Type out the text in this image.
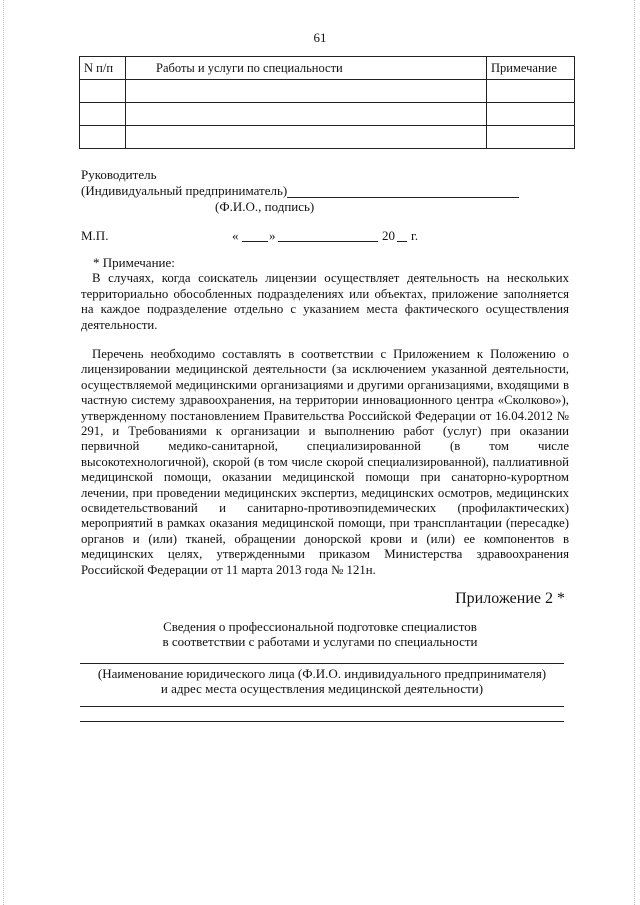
61
N п/п	Работы и услуги по специальности	Примечание

Руководитель
(Индивидуальный предприниматель)
(Ф.И.О., подпись)
М.П.	« »	20 г.
* Примечание:

В случаях, когда соискатель лицензии осуществляет деятельность на нескольких территориально обособленных подразделениях или объектах, приложение заполняется на каждое подразделение отдельно с указанием места фактического осуществления деятельности.

Перечень необходимо составлять в соответствии с Приложением к Положению о лицензировании медицинской деятельности (за исключением указанной деятельности, осуществляемой медицинскими организациями и другими организациями, входящими в частную систему здравоохранения, на территории инновационного центра «Сколково»), утвержденному постановлением Правительства Российской Федерации от 16.04.2012 № 291, и Требованиями к организации и выполнению работ (услуг) при оказании первичной медико-санитарной, специализированной (в том числе высокотехнологичной), скорой (в том числе скорой специализированной), паллиативной медицинской помощи, оказании медицинской помощи при санаторно-курортном лечении, при проведении медицинских экспертиз, медицинских осмотров, медицинских освидетельствований и санитарно-противоэпидемических (профилактических) мероприятий в рамках оказания медицинской помощи, при трансплантации (пересадке) органов и (или) тканей, обращении донорской крови и (или) ее компонентов в медицинских целях, утвержденными приказом Министерства здравоохранения Российской Федерации от 11 марта 2013 года № 121н.

Приложение 2 *
Сведения о профессиональной подготовке специалистов
в соответствии с работами и услугами по специальности
(Наименование юридического лица (Ф.И.О. индивидуального предпринимателя)
и адрес места осуществления медицинской деятельности)
